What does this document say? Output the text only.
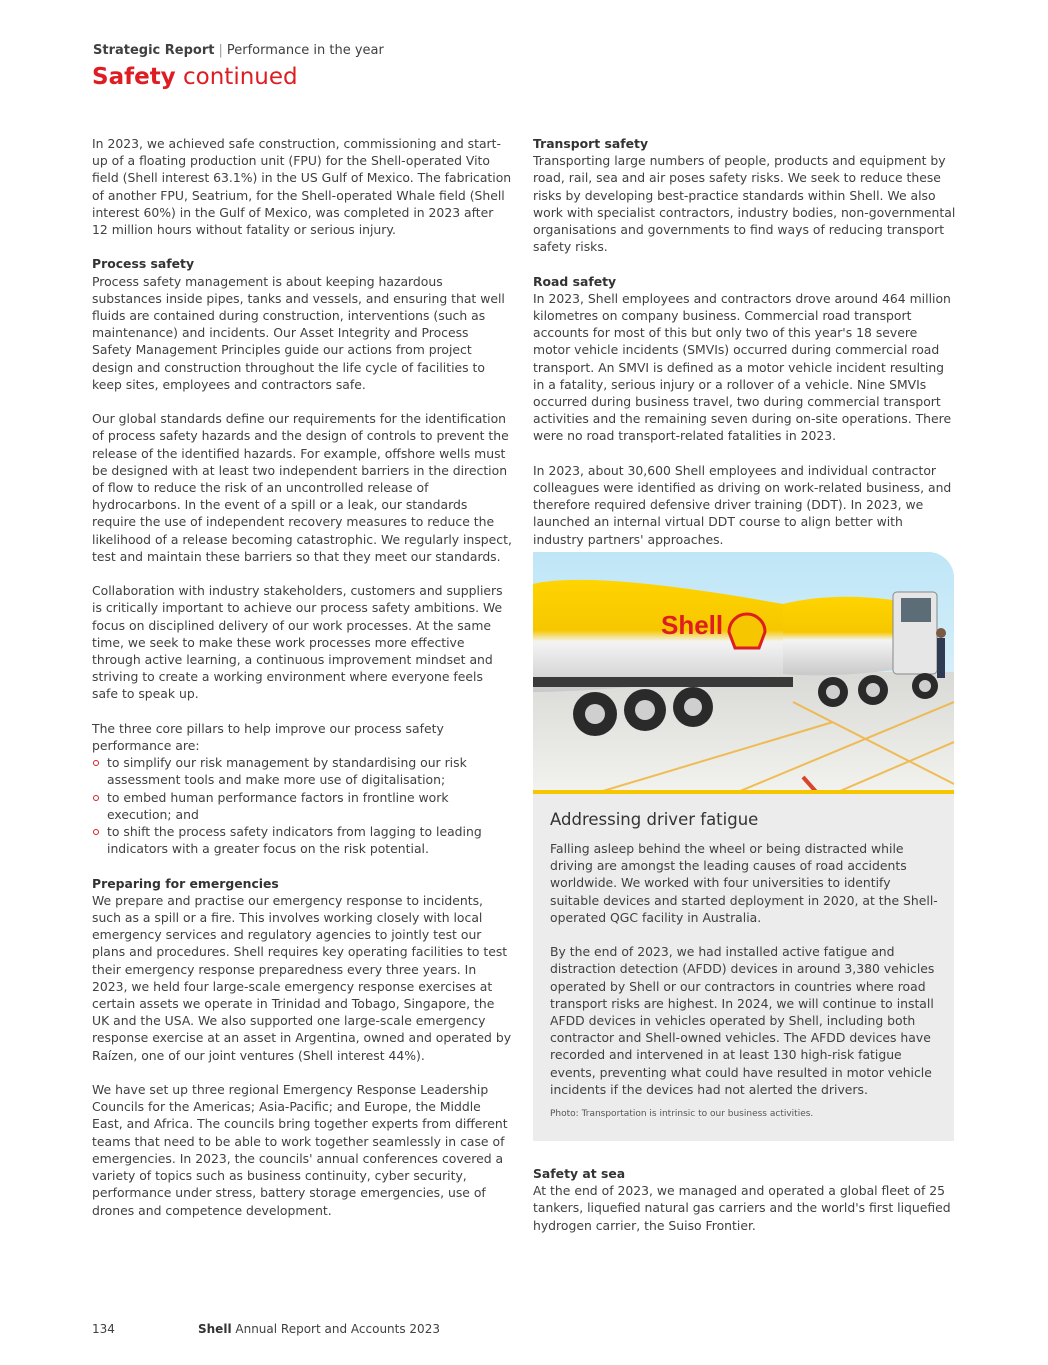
Strategic Report | Performance in the year
Safety continued

In 2023, we achieved safe construction, commissioning and start-up of a floating production unit (FPU) for the Shell-operated Vito field (Shell interest 63.1%) in the US Gulf of Mexico. The fabrication of another FPU, Seatrium, for the Shell-operated Whale field (Shell interest 60%) in the Gulf of Mexico, was completed in 2023 after 12 million hours without fatality or serious injury.

Process safety

Process safety management is about keeping hazardous substances inside pipes, tanks and vessels, and ensuring that well fluids are contained during construction, interventions (such as maintenance) and incidents. Our Asset Integrity and Process Safety Management Principles guide our actions from project design and construction throughout the life cycle of facilities to keep sites, employees and contractors safe.

Our global standards define our requirements for the identification of process safety hazards and the design of controls to prevent the release of the identified hazards. For example, offshore wells must be designed with at least two independent barriers in the direction of flow to reduce the risk of an uncontrolled release of hydrocarbons. In the event of a spill or a leak, our standards require the use of independent recovery measures to reduce the likelihood of a release becoming catastrophic. We regularly inspect, test and maintain these barriers so that they meet our standards.

Collaboration with industry stakeholders, customers and suppliers is critically important to achieve our process safety ambitions. We focus on disciplined delivery of our work processes. At the same time, we seek to make these work processes more effective through active learning, a continuous improvement mindset and striving to create a working environment where everyone feels safe to speak up.

The three core pillars to help improve our process safety performance are:
to simplify our risk management by standardising our risk assessment tools and make more use of digitalisation;
to embed human performance factors in frontline work execution; and
to shift the process safety indicators from lagging to leading indicators with a greater focus on the risk potential.
Preparing for emergencies

We prepare and practise our emergency response to incidents, such as a spill or a fire. This involves working closely with local emergency services and regulatory agencies to jointly test our plans and procedures. Shell requires key operating facilities to test their emergency response preparedness every three years. In 2023, we held four large-scale emergency response exercises at certain assets we operate in Trinidad and Tobago, Singapore, the UK and the USA. We also supported one large-scale emergency response exercise at an asset in Argentina, owned and operated by Raízen, one of our joint ventures (Shell interest 44%).

We have set up three regional Emergency Response Leadership Councils for the Americas; Asia-Pacific; and Europe, the Middle East, and Africa. The councils bring together experts from different teams that need to be able to work together seamlessly in case of emergencies. In 2023, the councils' annual conferences covered a variety of topics such as business continuity, cyber security, performance under stress, battery storage emergencies, use of drones and competence development.

Transport safety

Transporting large numbers of people, products and equipment by road, rail, sea and air poses safety risks. We seek to reduce these risks by developing best-practice standards within Shell. We also work with specialist contractors, industry bodies, non-governmental organisations and governments to find ways of reducing transport safety risks.

Road safety

In 2023, Shell employees and contractors drove around 464 million kilometres on company business. Commercial road transport accounts for most of this but only two of this year's 18 severe motor vehicle incidents (SMVIs) occurred during commercial road transport. An SMVI is defined as a motor vehicle incident resulting in a fatality, serious injury or a rollover of a vehicle. Nine SMVIs occurred during business travel, two during commercial transport activities and the remaining seven during on-site operations. There were no road transport-related fatalities in 2023.

In 2023, about 30,600 Shell employees and individual contractor colleagues were identified as driving on work-related business, and therefore required defensive driver training (DDT). In 2023, we launched an internal virtual DDT course to align better with industry partners' approaches.

Shell
Addressing driver fatigue

Falling asleep behind the wheel or being distracted while driving are amongst the leading causes of road accidents worldwide. We worked with four universities to identify suitable devices and started deployment in 2020, at the Shell-operated QGC facility in Australia.

By the end of 2023, we had installed active fatigue and distraction detection (AFDD) devices in around 3,380 vehicles operated by Shell or our contractors in countries where road transport risks are highest. In 2024, we will continue to install AFDD devices in vehicles operated by Shell, including both contractor and Shell-owned vehicles. The AFDD devices have recorded and intervened in at least 130 high-risk fatigue events, preventing what could have resulted in motor vehicle incidents if the devices had not alerted the drivers.

Photo: Transportation is intrinsic to our business activities.
Safety at sea

At the end of 2023, we managed and operated a global fleet of 25 tankers, liquefied natural gas carriers and the world's first liquefied hydrogen carrier, the Suiso Frontier.

134	Shell Annual Report and Accounts 2023
